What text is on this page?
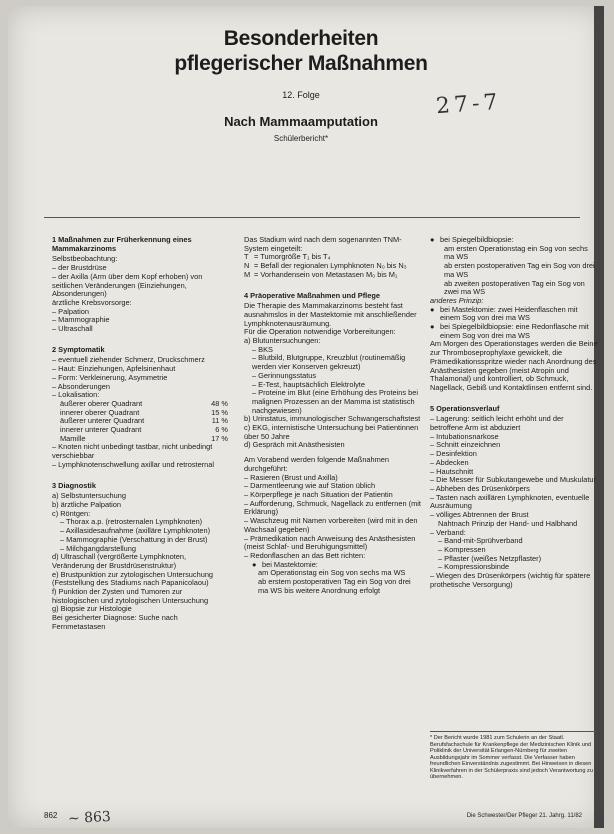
Besonderheiten
pflegerischer Maßnahmen
12. Folge
Nach Mammaamputation
Schülerbericht*
27-7
1 Maßnahmen zur Früherkennung eines Mammakarzinoms

Selbstbeobachtung:

– der Brustdrüse

– der Axilla (Arm über dem Kopf erhoben) von seitlichen Veränderungen (Einziehungen, Absonderungen)

ärztliche Krebsvorsorge:

– Palpation

– Mammographie

– Ultraschall

2 Symptomatik

– eventuell ziehender Schmerz, Druckschmerz

– Haut: Einziehungen, Apfelsinenhaut

– Form: Verkleinerung, Asymmetrie

– Absonderungen

– Lokalisation:

äußerer oberer Quadrant	48 %
innerer oberer Quadrant	15 %
äußerer unterer Quadrant	11 %
innerer unterer Quadrant	6 %
Mamille	17 %

– Knoten nicht unbedingt tastbar, nicht unbedingt verschiebbar

– Lymphknotenschwellung axillar und retrosternal

3 Diagnostik

a) Selbstuntersuchung

b) ärztliche Palpation

c) Röntgen:

– Thorax a.p. (retrosternalen Lymphknoten)

– Axillasidesaufnahme (axilläre Lymphknoten)

– Mammographie (Verschattung in der Brust)

– Milchgangdarstellung

d) Ultraschall (vergrößerte Lymphknoten, Veränderung der Brustdrüsenstruktur)

e) Brustpunktion zur zytologischen Untersuchung (Feststellung des Stadiums nach Papanicolaou)

f) Punktion der Zysten und Tumoren zur histologischen und zytologischen Untersuchung

g) Biopsie zur Histologie

Bei gesicherter Diagnose: Suche nach Fernmetastasen

Das Stadium wird nach dem sogenannten TNM-System eingeteilt:

T = Tumorgröße T₁ bis T₄
N = Befall der regionalen Lymphknoten N₀ bis N₃
M = Vorhandensein von Metastasen M₀ bis M₁
4 Präoperative Maßnahmen und Pflege

Die Therapie des Mammakarzinoms besteht fast ausnahmslos in der Mastektomie mit anschließender Lymphknotenausräumung.

Für die Operation notwendige Vorbereitungen:

a) Blutuntersuchungen:

– BKS

– Blutbild, Blutgruppe, Kreuzblut (routinemäßig werden vier Konserven gekreuzt)

– Gerinnungsstatus

– E-Test, hauptsächlich Elektrolyte

– Proteine im Blut (eine Erhöhung des Proteins bei malignen Prozessen an der Mamma ist statistisch nachgewiesen)

b) Urinstatus, immunologischer Schwangerschaftstest

c) EKG, internistische Untersuchung bei Patientinnen über 50 Jahre

d) Gespräch mit Anästhesisten

Am Vorabend werden folgende Maßnahmen durchgeführt:

– Rasieren (Brust und Axilla)

– Darmentleerung wie auf Station üblich

– Körperpflege je nach Situation der Patientin

– Aufforderung, Schmuck, Nagellack zu entfernen (mit Erklärung)

– Waschzeug mit Namen vorbereiten (wird mit in den Wachsaal gegeben)

– Prämedikation nach Anweisung des Anästhesisten (meist Schlaf- und Beruhigungsmittel)

– Redonflaschen an das Bett richten:

● bei Mastektomie:

am Operationstag ein Sog von sechs ma WS
ab erstem postoperativen Tag ein Sog von drei ma WS bis weitere Anordnung erfolgt

● bei Spiegelbildbiopsie:

am ersten Operationstag ein Sog von sechs ma WS
ab ersten postoperativen Tag ein Sog von drei ma WS
ab zweiten postoperativen Tag ein Sog von zwei ma WS

anderes Prinzip:

● bei Mastektomie: zwei Heidenflaschen mit einem Sog von drei ma WS
● bei Spiegelbildbiopsie: eine Redonflasche mit einem Sog von drei ma WS

Am Morgen des Operationstages werden die Beine zur Thromboseprophylaxe gewickelt, die Prämedikationsspritze wieder nach Anordnung des Anästhesisten gegeben (meist Atropin und Thalamonal) und kontrolliert, ob Schmuck, Nagellack, Gebiß und Kontaktlinsen entfernt sind.

5 Operationsverlauf

– Lagerung: seitlich leicht erhöht und der betroffene Arm ist abduziert

– Intubationsnarkose

– Schnitt einzeichnen

– Desinfektion

– Abdecken

– Hautschnitt

– Die Messer für Subkutangewebe und Muskulatur

– Abheben des Drüsenkörpers

– Tasten nach axillären Lymphknoten, eventuelle Ausräumung

– völliges Abtrennen der Brust

Nahtnach Prinzip der Hand- und Halbhand

– Verband:

– Band-mit-Sprühverband

– Kompressen

– Pflaster (weißes Netzpflaster)

– Kompressionsbinde

– Wiegen des Drüsenkörpers (wichtig für spätere prothetische Versorgung)

* Der Bericht wurde 1981 zum Schulerin an der Staatl. Berufsfachschule für Krankenpflege der Medizinischen Klinik und Poliklinik der Universität Erlangen-Nürnberg für zweiten Ausbildungsjahr im Sommer verfasst. Die Verfasser haben freundlichen Einverständnis zugestimmt. Bei Hinweisen in diesen Klinikverfahren in der Schülerpraxis sind jedoch Verantwortung zu übernehmen.
862 ~ 863	Die Schwester/Der Pfleger 21. Jahrg. 11/82
